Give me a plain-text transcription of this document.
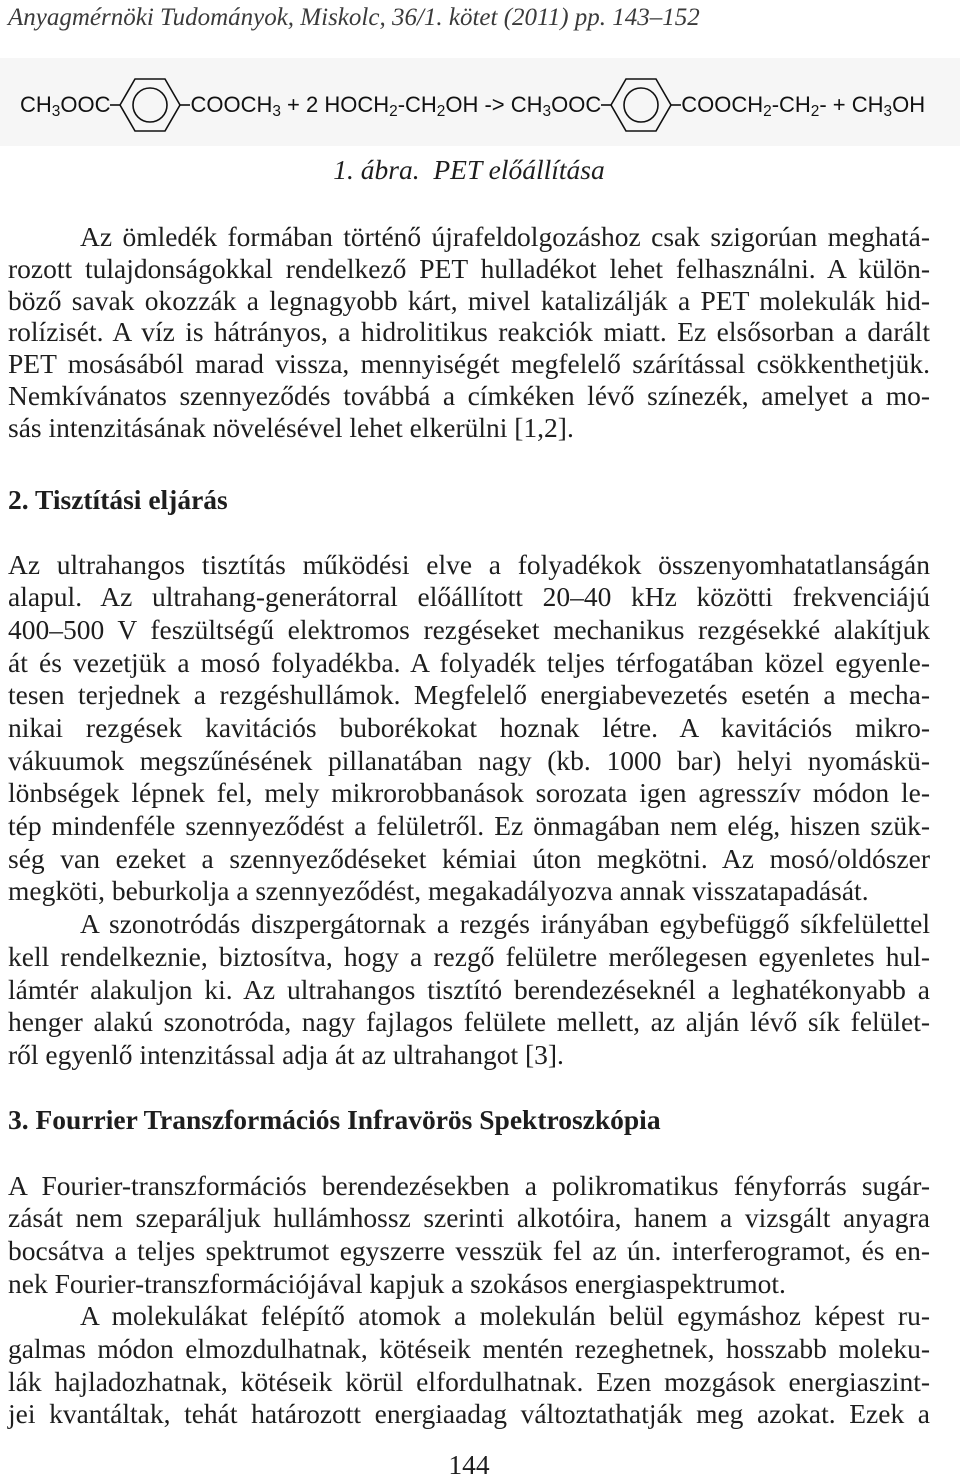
Anyagmérnöki Tudományok, Miskolc, 36/1. kötet (2011) pp. 143–152
$CH_3OOC$	$COOCH_3 + 2$ $HOCH_2-CH_2OH -> CH_3OOC$	$COOCH_2-CH_2- + CH_3OH$
1. ábra.  PET előállítása
Az ömledék formában történő újrafeldolgozáshoz csak szigorúan meghatá-
rozott tulajdonságokkal rendelkező PET hulladékot lehet felhasználni. A külön-
böző savak okozzák a legnagyobb kárt, mivel katalizálják a PET molekulák hid-
rolízisét. A víz is hátrányos, a hidrolitikus reakciók miatt. Ez elsősorban a darált
PET mosásából marad vissza, mennyiségét megfelelő szárítással csökkenthetjük.
Nemkívánatos szennyeződés továbbá a címkéken lévő színezék, amelyet a mo-
sás intenzitásának növelésével lehet elkerülni [1,2].
2. Tisztítási eljárás
Az ultrahangos tisztítás működési elve a folyadékok összenyomhatatlanságán
alapul. Az ultrahang-generátorral előállított 20–40 kHz közötti frekvenciájú
400–500 V feszültségű elektromos rezgéseket mechanikus rezgésekké alakítjuk
át és vezetjük a mosó folyadékba. A folyadék teljes térfogatában közel egyenle-
tesen terjednek a rezgéshullámok. Megfelelő energiabevezetés esetén a mecha-
nikai rezgések kavitációs buborékokat hoznak létre. A kavitációs mikro-
vákuumok megszűnésének pillanatában nagy (kb. 1000 bar) helyi nyomáskü-
lönbségek lépnek fel, mely mikrorobbanások sorozata igen agresszív módon le-
tép mindenféle szennyeződést a felületről. Ez önmagában nem elég, hiszen szük-
ség van ezeket a szennyeződéseket kémiai úton megkötni. Az mosó/oldószer
megköti, beburkolja a szennyeződést, megakadályozva annak visszatapadását.
A szonotródás diszpergátornak a rezgés irányában egybefüggő síkfelülettel
kell rendelkeznie, biztosítva, hogy a rezgő felületre merőlegesen egyenletes hul-
lámtér alakuljon ki. Az ultrahangos tisztító berendezéseknél a leghatékonyabb a
henger alakú szonotróda, nagy fajlagos felülete mellett, az alján lévő sík felület-
ről egyenlő intenzitással adja át az ultrahangot [3].
3. Fourrier Transzformációs Infravörös Spektroszkópia
A Fourier-transzformációs berendezésekben a polikromatikus fényforrás sugár-
zását nem szeparáljuk hullámhossz szerinti alkotóira, hanem a vizsgált anyagra
bocsátva a teljes spektrumot egyszerre vesszük fel az ún. interferogramot, és en-
nek Fourier-transzformációjával kapjuk a szokásos energiaspektrumot.
A molekulákat felépítő atomok a molekulán belül egymáshoz képest ru-
galmas módon elmozdulhatnak, kötéseik mentén rezeghetnek, hosszabb moleku-
lák hajladozhatnak, kötéseik körül elfordulhatnak. Ezen mozgások energiaszint-
jei kvantáltak, tehát határozott energiaadag változtathatják meg azokat. Ezek a
144
